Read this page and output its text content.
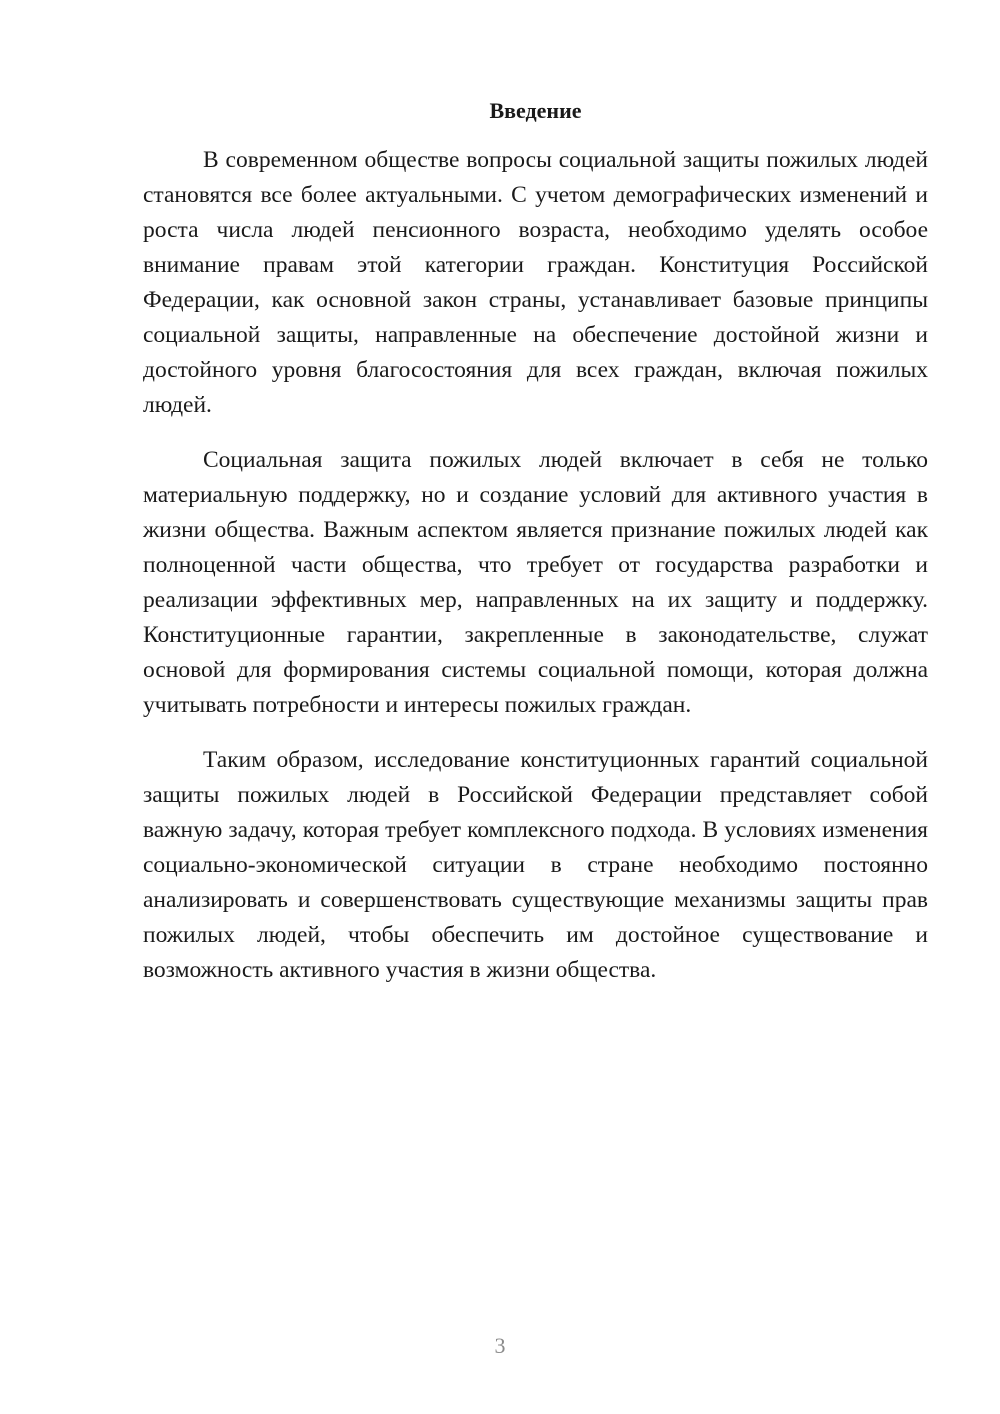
Введение

В современном обществе вопросы социальной защиты пожилых людей становятся все более актуальными. С учетом демографических изменений и роста числа людей пенсионного возраста, необходимо уделять особое внимание правам этой категории граждан. Конституция Российской Федерации, как основной закон страны, устанавливает базовые принципы социальной защиты, направленные на обеспечение достойной жизни и достойного уровня благосостояния для всех граждан, включая пожилых людей.

Социальная защита пожилых людей включает в себя не только материальную поддержку, но и создание условий для активного участия в жизни общества. Важным аспектом является признание пожилых людей как полноценной части общества, что требует от государства разработки и реализации эффективных мер, направленных на их защиту и поддержку. Конституционные гарантии, закрепленные в законодательстве, служат основой для формирования системы социальной помощи, которая должна учитывать потребности и интересы пожилых граждан.

Таким образом, исследование конституционных гарантий социальной защиты пожилых людей в Российской Федерации представляет собой важную задачу, которая требует комплексного подхода. В условиях изменения социально-экономической ситуации в стране необходимо постоянно анализировать и совершенствовать существующие механизмы защиты прав пожилых людей, чтобы обеспечить им достойное существование и возможность активного участия в жизни общества.

3
